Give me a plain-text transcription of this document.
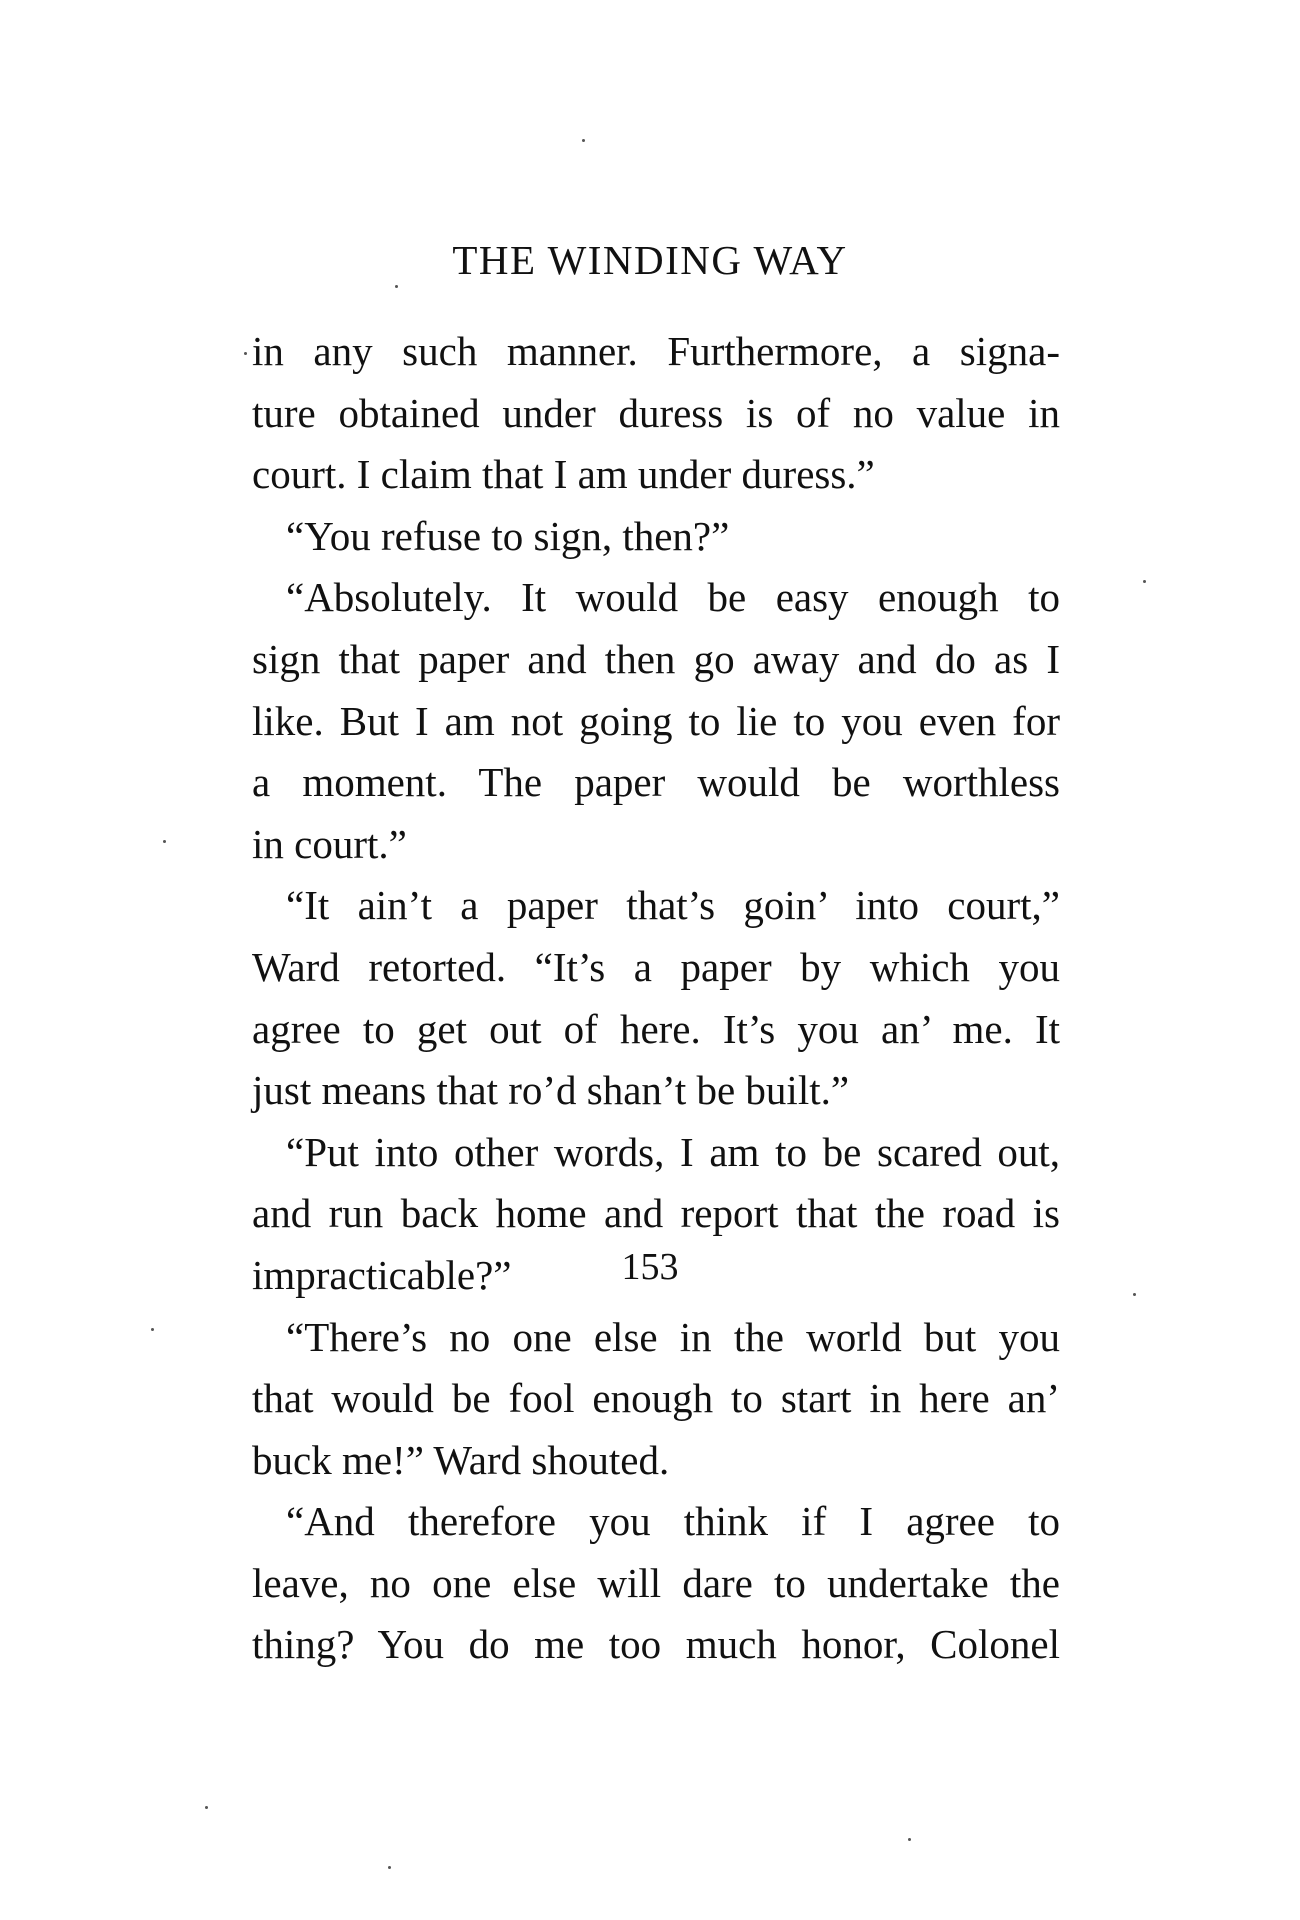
THE WINDING WAY
in any such manner. Furthermore, a signa-
ture obtained under duress is of no value in
court. I claim that I am under duress.”
“You refuse to sign, then?”
“Absolutely. It would be easy enough to
sign that paper and then go away and do as I
like. But I am not going to lie to you even for
a moment. The paper would be worthless
in court.”
“It ain’t a paper that’s goin’ into court,”
Ward retorted. “It’s a paper by which you
agree to get out of here. It’s you an’ me. It
just means that ro’d shan’t be built.”
“Put into other words, I am to be scared out,
and run back home and report that the road is
impracticable?”
“There’s no one else in the world but you
that would be fool enough to start in here an’
buck me!” Ward shouted.
“And therefore you think if I agree to
leave, no one else will dare to undertake the
thing? You do me too much honor, Colonel
153
